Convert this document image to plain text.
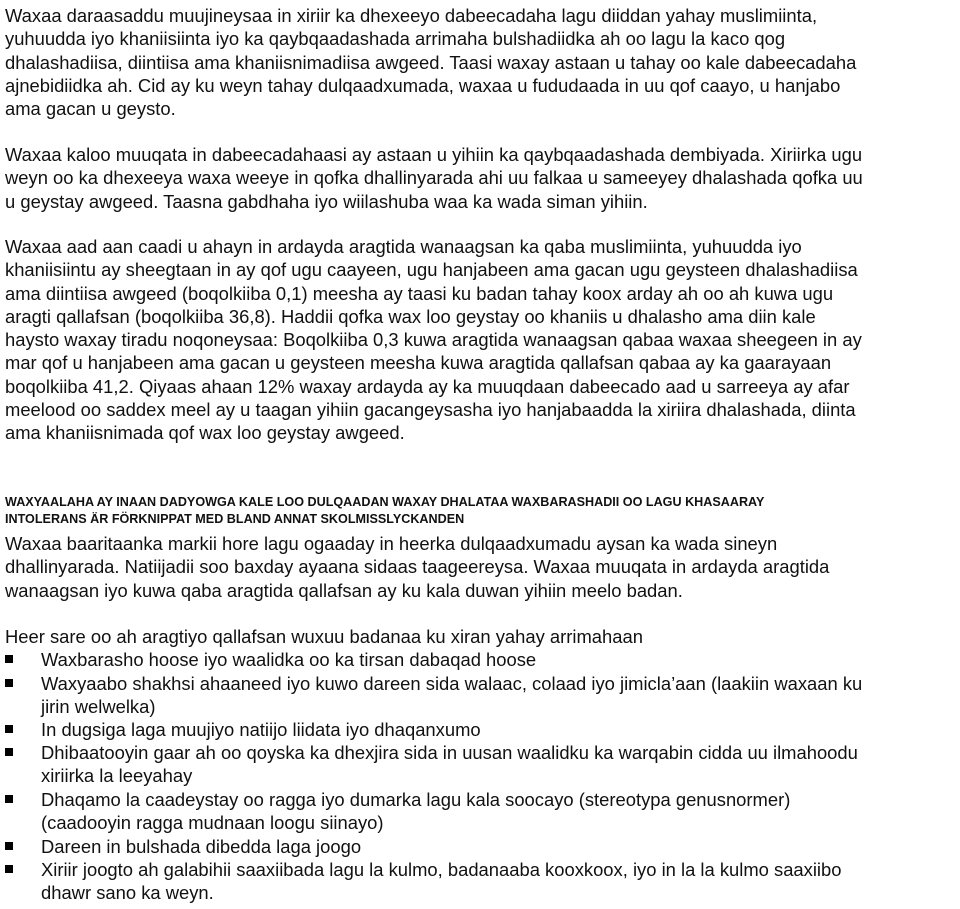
Waxaa daraasaddu muujineysaa in xiriir ka dhexeeyo dabeecadaha lagu diiddan yahay muslimiinta,
yuhuudda iyo khaniisiinta iyo ka qaybqaadashada arrimaha bulshadiidka ah oo lagu la kaco qog
dhalashadiisa, diintiisa ama khaniisnimadiisa awgeed. Taasi waxay astaan u tahay oo kale dabeecadaha
ajnebidiidka ah. Cid ay ku weyn tahay dulqaadxumada, waxaa u fududaada in uu qof caayo, u hanjabo
ama gacan u geysto.
Waxaa kaloo muuqata in dabeecadahaasi ay astaan u yihiin ka qaybqaadashada dembiyada. Xiriirka ugu
weyn oo ka dhexeeya waxa weeye in qofka dhallinyarada ahi uu falkaa u sameeyey dhalashada qofka uu
u geystay awgeed. Taasna gabdhaha iyo wiilashuba waa ka wada siman yihiin.
Waxaa aad aan caadi u ahayn in ardayda aragtida wanaagsan ka qaba muslimiinta, yuhuudda iyo
khaniisiintu ay sheegtaan in ay qof ugu caayeen, ugu hanjabeen ama gacan ugu geysteen dhalashadiisa
ama diintiisa awgeed (boqolkiiba 0,1) meesha ay taasi ku badan tahay koox arday ah oo ah kuwa ugu
aragti qallafsan (boqolkiiba 36,8). Haddii qofka wax loo geystay oo khaniis u dhalasho ama diin kale
haysto waxay tiradu noqoneysaa: Boqolkiiba 0,3 kuwa aragtida wanaagsan qabaa waxaa sheegeen in ay
mar qof u hanjabeen ama gacan u geysteen meesha kuwa aragtida qallafsan qabaa ay ka gaarayaan
boqolkiiba 41,2. Qiyaas ahaan 12% waxay ardayda ay ka muuqdaan dabeecado aad u sarreeya ay afar
meelood oo saddex meel ay u taagan yihiin gacangeysasha iyo hanjabaadda la xiriira dhalashada, diinta
ama khaniisnimada qof wax loo geystay awgeed.
WAXYAALAHA AY INAAN DADYOWGA KALE LOO DULQAADAN WAXAY DHALATAA WAXBARASHADII OO LAGU KHASAARAY
INTOLERANS ÄR FÖRKNIPPAT MED BLAND ANNAT SKOLMISSLYCKANDEN
Waxaa baaritaanka markii hore lagu ogaaday in heerka dulqaadxumadu aysan ka wada sineyn
dhallinyarada. Natiijadii soo baxday ayaana sidaas taageereysa. Waxaa muuqata in ardayda aragtida
wanaagsan iyo kuwa qaba aragtida qallafsan ay ku kala duwan yihiin meelo badan.
Heer sare oo ah aragtiyo qallafsan wuxuu badanaa ku xiran yahay arrimahaan
Waxbarasho hoose iyo waalidka oo ka tirsan dabaqad hoose
Waxyaabo shakhsi ahaaneed iyo kuwo dareen sida walaac, colaad iyo jimicla’aan (laakiin waxaan ku
jirin welwelka)
In dugsiga laga muujiyo natiijo liidata iyo dhaqanxumo
Dhibaatooyin gaar ah oo qoyska ka dhexjira sida in uusan waalidku ka warqabin cidda uu ilmahoodu
xiriirka la leeyahay
Dhaqamo la caadeystay oo ragga iyo dumarka lagu kala soocayo (stereotypa genusnormer)
(caadooyin ragga mudnaan loogu siinayo)
Dareen in bulshada dibedda laga joogo
Xiriir joogto ah galabihii saaxiibada lagu la kulmo, badanaaba kooxkoox, iyo in la la kulmo saaxiibo
dhawr sano ka weyn.
